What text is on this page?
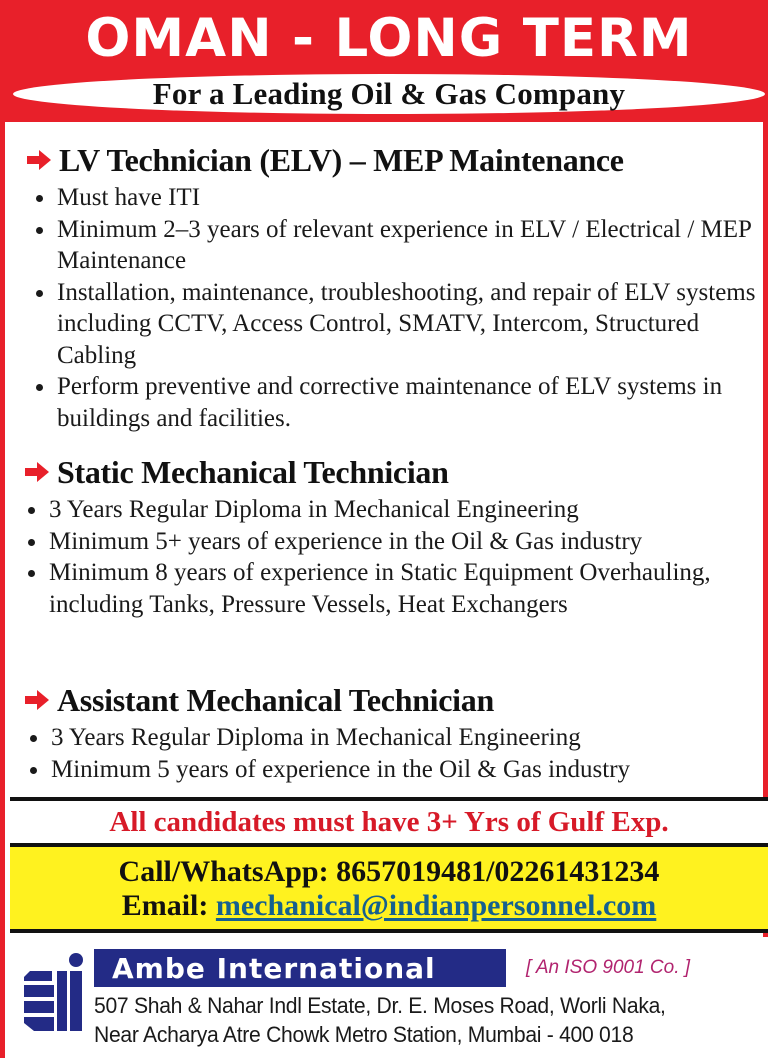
OMAN - LONG TERM
For a Leading Oil & Gas Company
LV Technician (ELV) – MEP Maintenance
Must have ITI
Minimum 2–3 years of relevant experience in ELV / Electrical / MEP Maintenance
Installation, maintenance, troubleshooting, and repair of ELV systems including CCTV, Access Control, SMATV, Intercom, Structured Cabling
Perform preventive and corrective maintenance of ELV systems in buildings and facilities.
Static Mechanical Technician
3 Years Regular Diploma in Mechanical Engineering
Minimum 5+ years of experience in the Oil & Gas industry
Minimum 8 years of experience in Static Equipment Overhauling, including Tanks, Pressure Vessels, Heat Exchangers
Assistant Mechanical Technician
3 Years Regular Diploma in Mechanical Engineering
Minimum 5 years of experience in the Oil & Gas industry
All candidates must have 3+ Yrs of Gulf Exp.
Call/WhatsApp: 8657019481/02261431234
Email: mechanical@indianpersonnel.com
Ambe International	[ An ISO 9001 Co. ]
507 Shah & Nahar Indl Estate, Dr. E. Moses Road, Worli Naka,
Near Acharya Atre Chowk Metro Station, Mumbai - 400 018
